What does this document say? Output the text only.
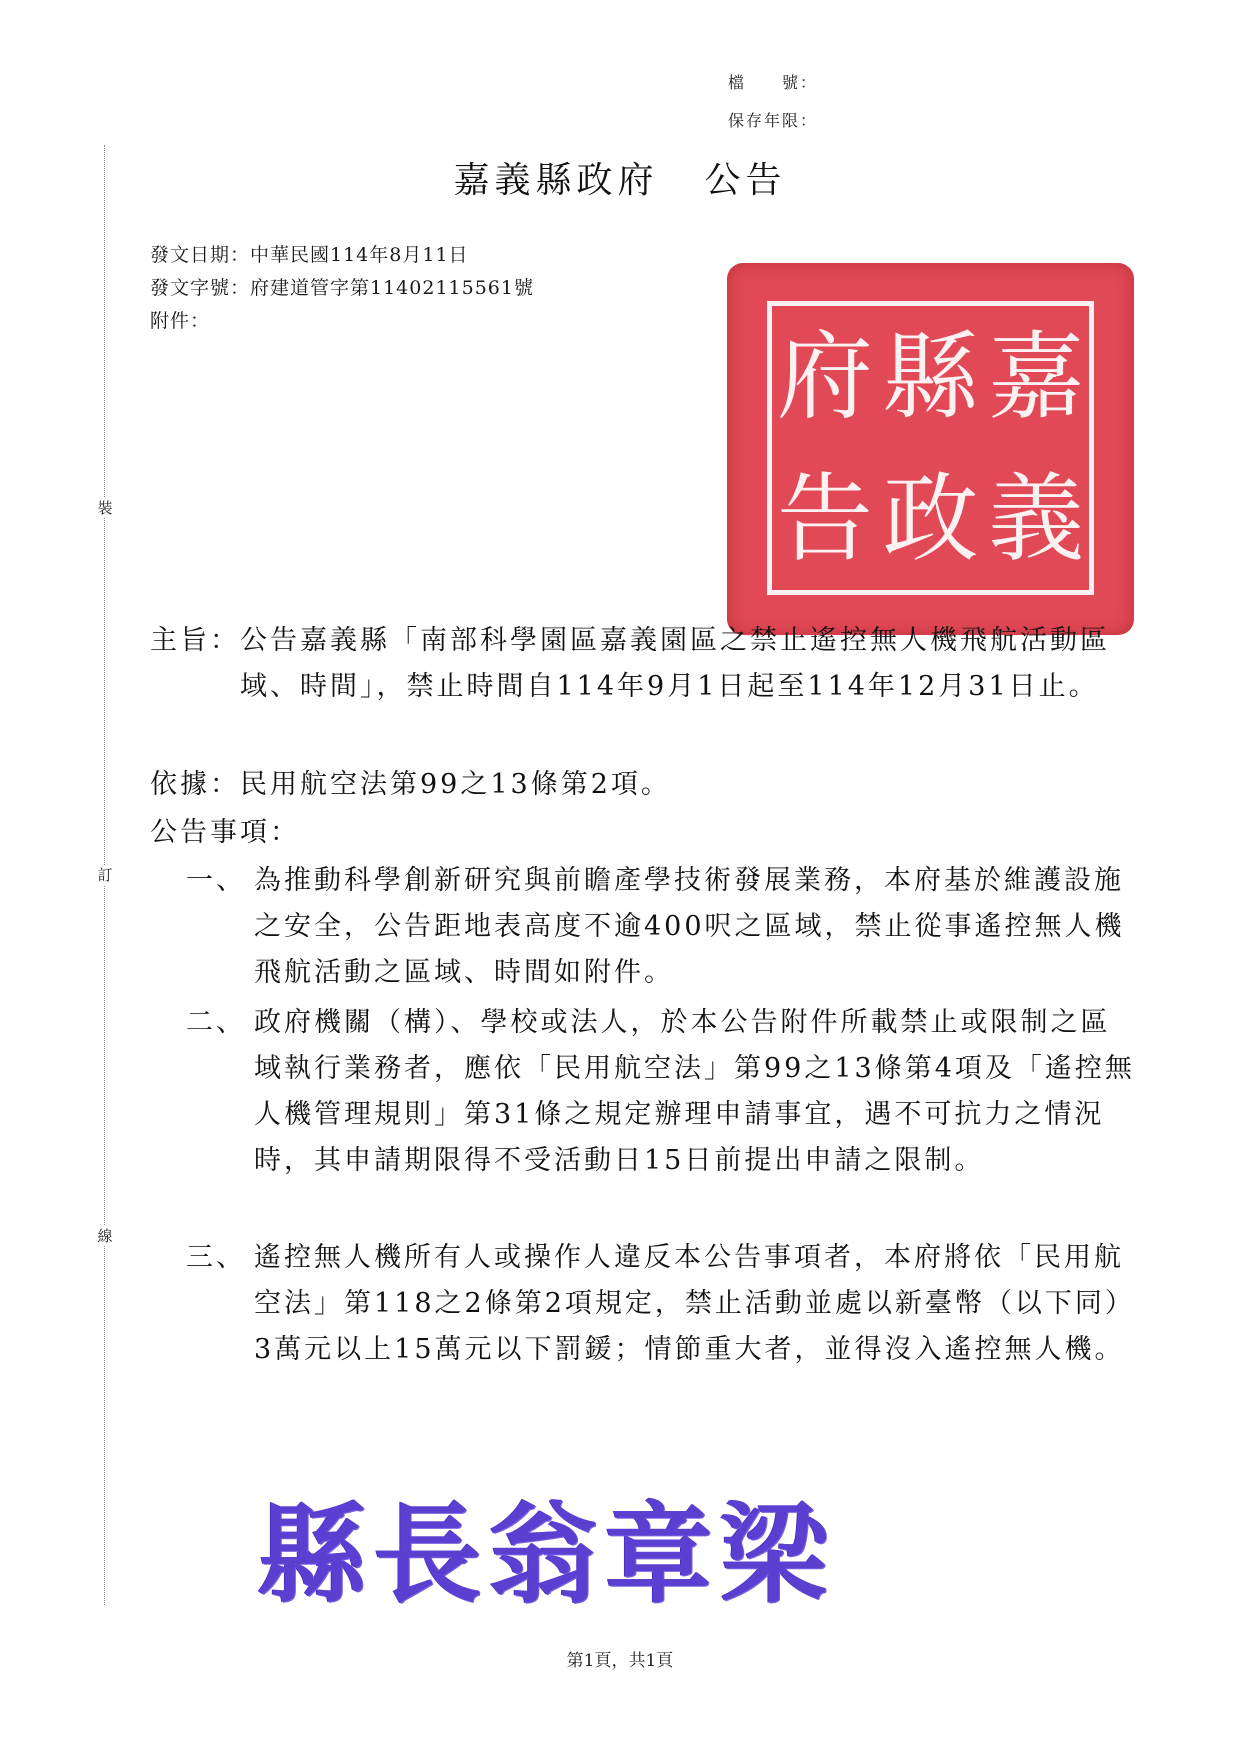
裝
訂
線
檔　　號：
保存年限：
嘉義縣政府 公告
發文日期：中華民國114年8月11日
發文字號：府建道管字第11402115561號
附件：	府
告
縣
政
嘉
義
主旨： 公告嘉義縣「南部科學園區嘉義園區之禁止遙控無人機飛航活動區域、時間」，禁止時間自114年9月1日起至114年12月31日止。
依據： 民用航空法第99之13條第2項。
公告事項：
一、 為推動科學創新研究與前瞻產學技術發展業務，本府基於維護設施之安全，公告距地表高度不逾400呎之區域，禁止從事遙控無人機飛航活動之區域、時間如附件。
二、 政府機關（構）、學校或法人，於本公告附件所載禁止或限制之區域執行業務者，應依「民用航空法」第99之13條第4項及「遙控無人機管理規則」第31條之規定辦理申請事宜，遇不可抗力之情況時，其申請期限得不受活動日15日前提出申請之限制。
三、 遙控無人機所有人或操作人違反本公告事項者，本府將依「民用航空法」第118之2條第2項規定，禁止活動並處以新臺幣（以下同）3萬元以上15萬元以下罰鍰；情節重大者，並得沒入遙控無人機。
縣 長 翁 章 梁
第1頁，共1頁
